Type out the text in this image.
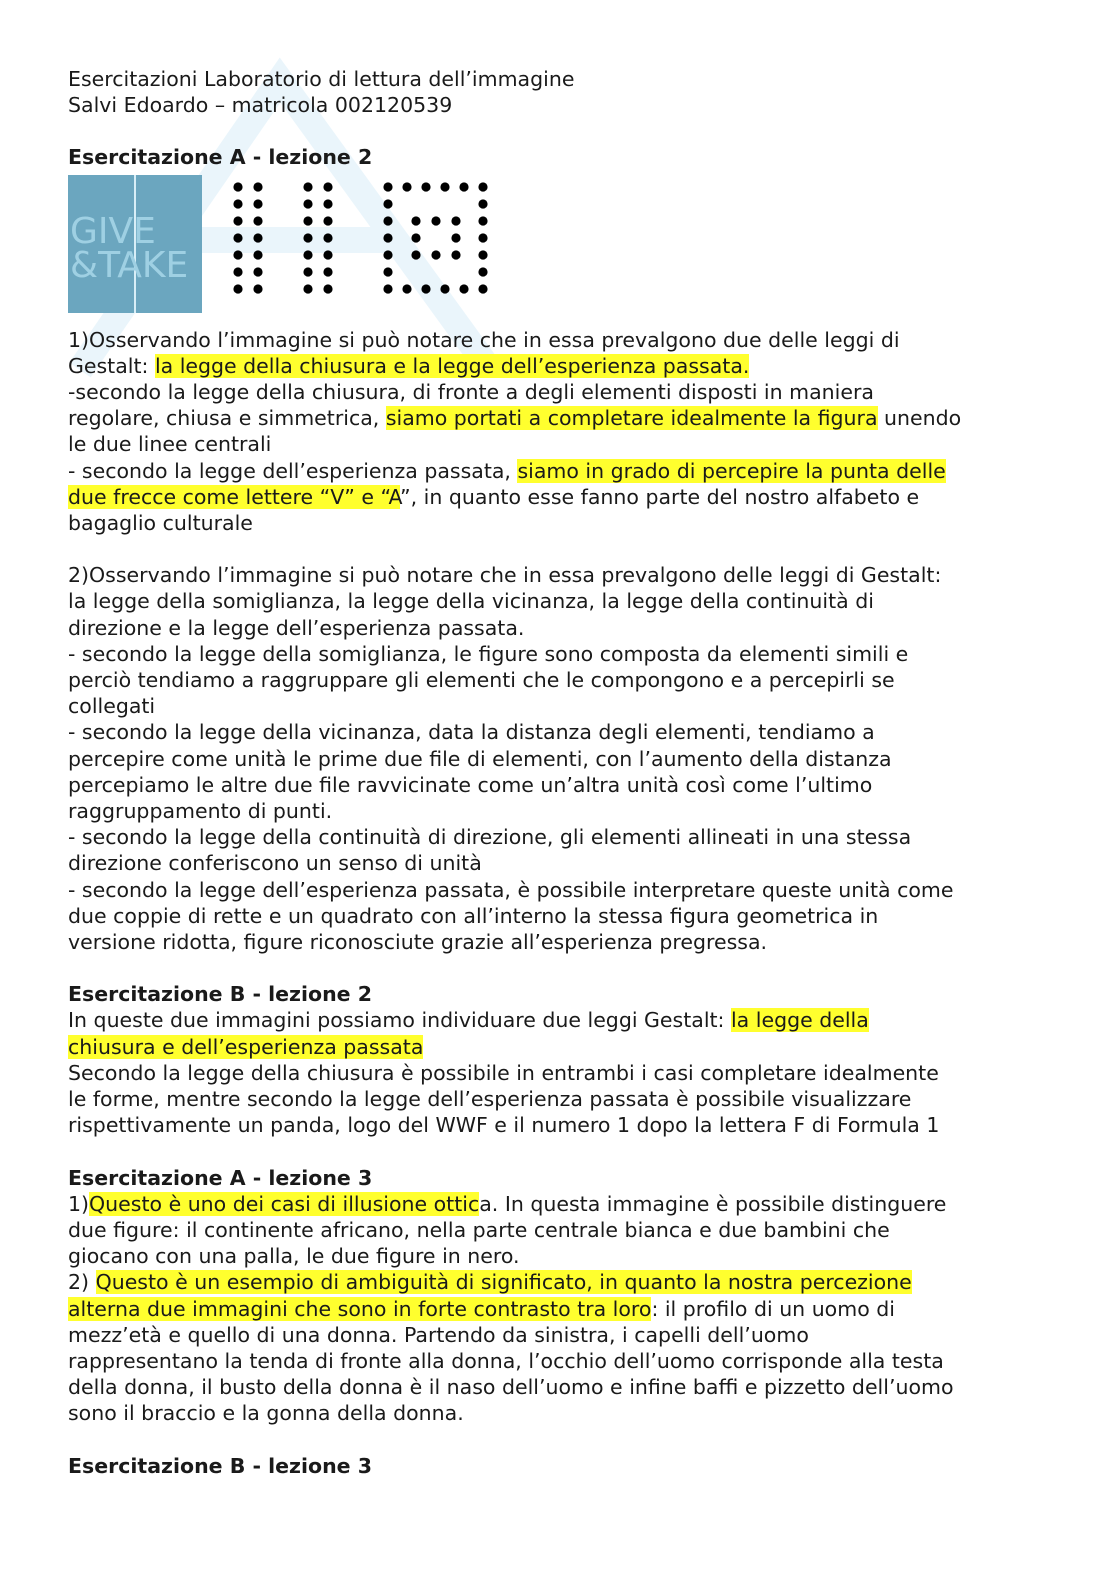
Esercitazioni Laboratorio di lettura dell’immagine
Salvi Edoardo – matricola 002120539
Esercitazione A - lezione 2
GIVE
&TAKE
1)Osservando l’immagine si può notare che in essa prevalgono due delle leggi di
Gestalt: la legge della chiusura e la legge dell’esperienza passata.
-secondo la legge della chiusura, di fronte a degli elementi disposti in maniera
regolare, chiusa e simmetrica, siamo portati a completare idealmente la figura unendo
le due linee centrali
- secondo la legge dell’esperienza passata, siamo in grado di percepire la punta delle
due frecce come lettere “V” e “A”, in quanto esse fanno parte del nostro alfabeto e
bagaglio culturale
2)Osservando l’immagine si può notare che in essa prevalgono delle leggi di Gestalt:
la legge della somiglianza, la legge della vicinanza, la legge della continuità di
direzione e la legge dell’esperienza passata.
- secondo la legge della somiglianza, le figure sono composta da elementi simili e
perciò tendiamo a raggruppare gli elementi che le compongono e a percepirli se
collegati
- secondo la legge della vicinanza, data la distanza degli elementi, tendiamo a
percepire come unità le prime due file di elementi, con l’aumento della distanza
percepiamo le altre due file ravvicinate come un’altra unità così come l’ultimo
raggruppamento di punti.
- secondo la legge della continuità di direzione, gli elementi allineati in una stessa
direzione conferiscono un senso di unità
- secondo la legge dell’esperienza passata, è possibile interpretare queste unità come
due coppie di rette e un quadrato con all’interno la stessa figura geometrica in
versione ridotta, figure riconosciute grazie all’esperienza pregressa.
Esercitazione B - lezione 2
In queste due immagini possiamo individuare due leggi Gestalt: la legge della
chiusura e dell’esperienza passata
Secondo la legge della chiusura è possibile in entrambi i casi completare idealmente
le forme, mentre secondo la legge dell’esperienza passata è possibile visualizzare
rispettivamente un panda, logo del WWF e il numero 1 dopo la lettera F di Formula 1
Esercitazione A - lezione 3
1)Questo è uno dei casi di illusione ottica. In questa immagine è possibile distinguere
due figure: il continente africano, nella parte centrale bianca e due bambini che
giocano con una palla, le due figure in nero.
2) Questo è un esempio di ambiguità di significato, in quanto la nostra percezione
alterna due immagini che sono in forte contrasto tra loro: il profilo di un uomo di
mezz’età e quello di una donna. Partendo da sinistra, i capelli dell’uomo
rappresentano la tenda di fronte alla donna, l’occhio dell’uomo corrisponde alla testa
della donna, il busto della donna è il naso dell’uomo e infine baffi e pizzetto dell’uomo
sono il braccio e la gonna della donna.
Esercitazione B - lezione 3
